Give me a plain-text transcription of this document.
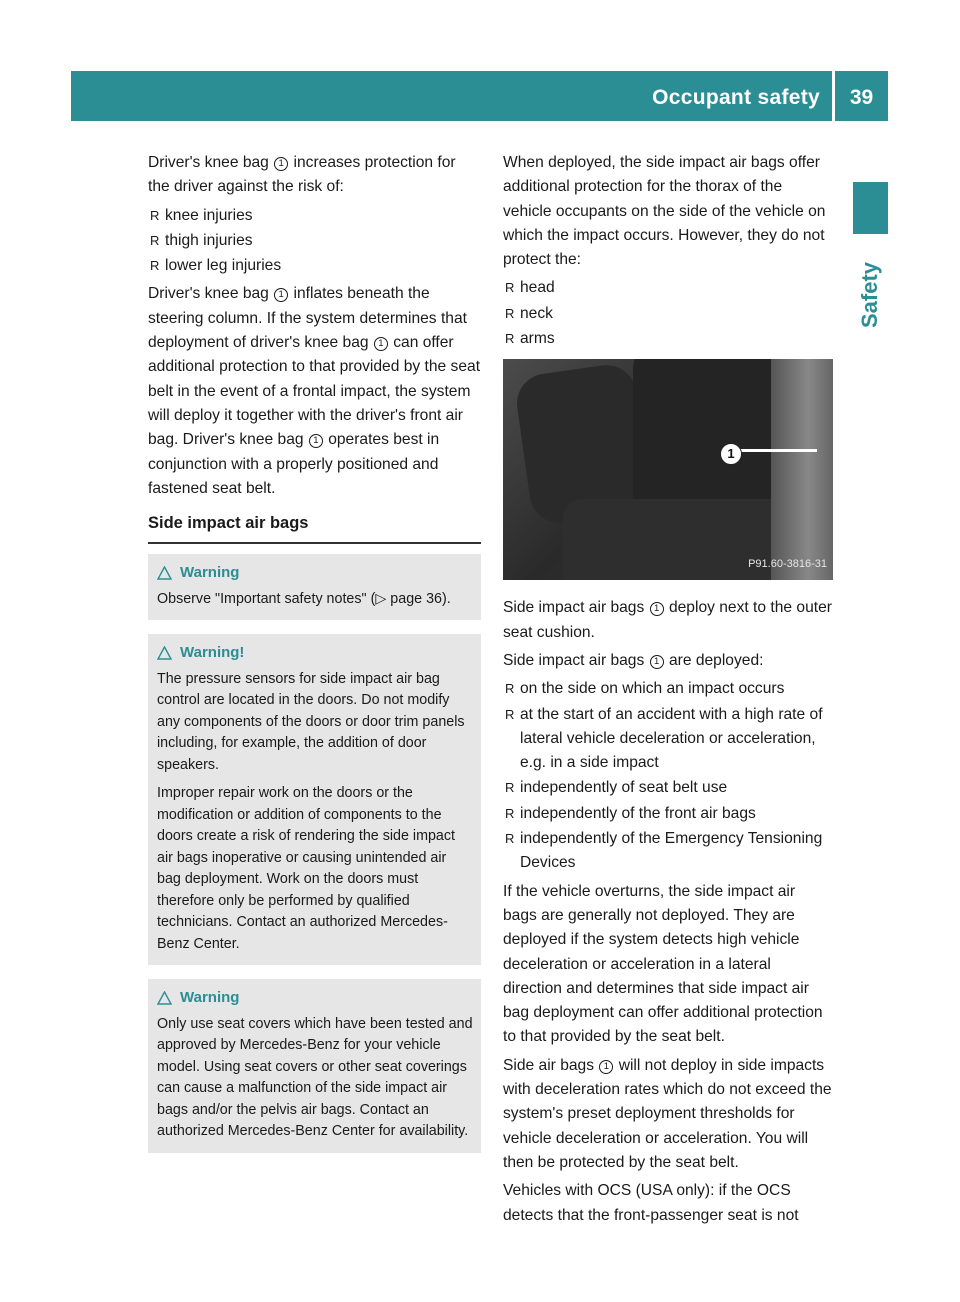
Occupant safety	39
Safety

Driver's knee bag 1 increases protection for the driver against the risk of:

R knee injuries
R thigh injuries
R lower leg injuries

Driver's knee bag 1 inflates beneath the steering column. If the system determines that deployment of driver's knee bag 1 can offer additional protection to that provided by the seat belt in the event of a frontal impact, the system will deploy it together with the driver's front air bag. Driver's knee bag 1 operates best in conjunction with a properly positioned and fastened seat belt.

Side impact air bags
Warning

Observe "Important safety notes" (▷ page 36).

Warning!

The pressure sensors for side impact air bag control are located in the doors. Do not modify any components of the doors or door trim panels including, for example, the addition of door speakers.

Improper repair work on the doors or the modification or addition of components to the doors create a risk of rendering the side impact air bags inoperative or causing unintended air bag deployment. Work on the doors must therefore only be performed by qualified technicians. Contact an authorized Mercedes-Benz Center.

Warning

Only use seat covers which have been tested and approved by Mercedes-Benz for your vehicle model. Using seat covers or other seat coverings can cause a malfunction of the side impact air bags and/or the pelvis air bags. Contact an authorized Mercedes-Benz Center for availability.

When deployed, the side impact air bags offer additional protection for the thorax of the vehicle occupants on the side of the vehicle on which the impact occurs. However, they do not protect the:

R head
R neck
R arms
1
P91.60-3816-31

Side impact air bags 1 deploy next to the outer seat cushion.

Side impact air bags 1 are deployed:

R on the side on which an impact occurs
R at the start of an accident with a high rate of lateral vehicle deceleration or acceleration, e.g. in a side impact
R independently of seat belt use
R independently of the front air bags
R independently of the Emergency Tensioning Devices

If the vehicle overturns, the side impact air bags are generally not deployed. They are deployed if the system detects high vehicle deceleration or acceleration in a lateral direction and determines that side impact air bag deployment can offer additional protection to that provided by the seat belt.

Side air bags 1 will not deploy in side impacts with deceleration rates which do not exceed the system's preset deployment thresholds for vehicle deceleration or acceleration. You will then be protected by the seat belt.

Vehicles with OCS (USA only): if the OCS detects that the front-passenger seat is not
